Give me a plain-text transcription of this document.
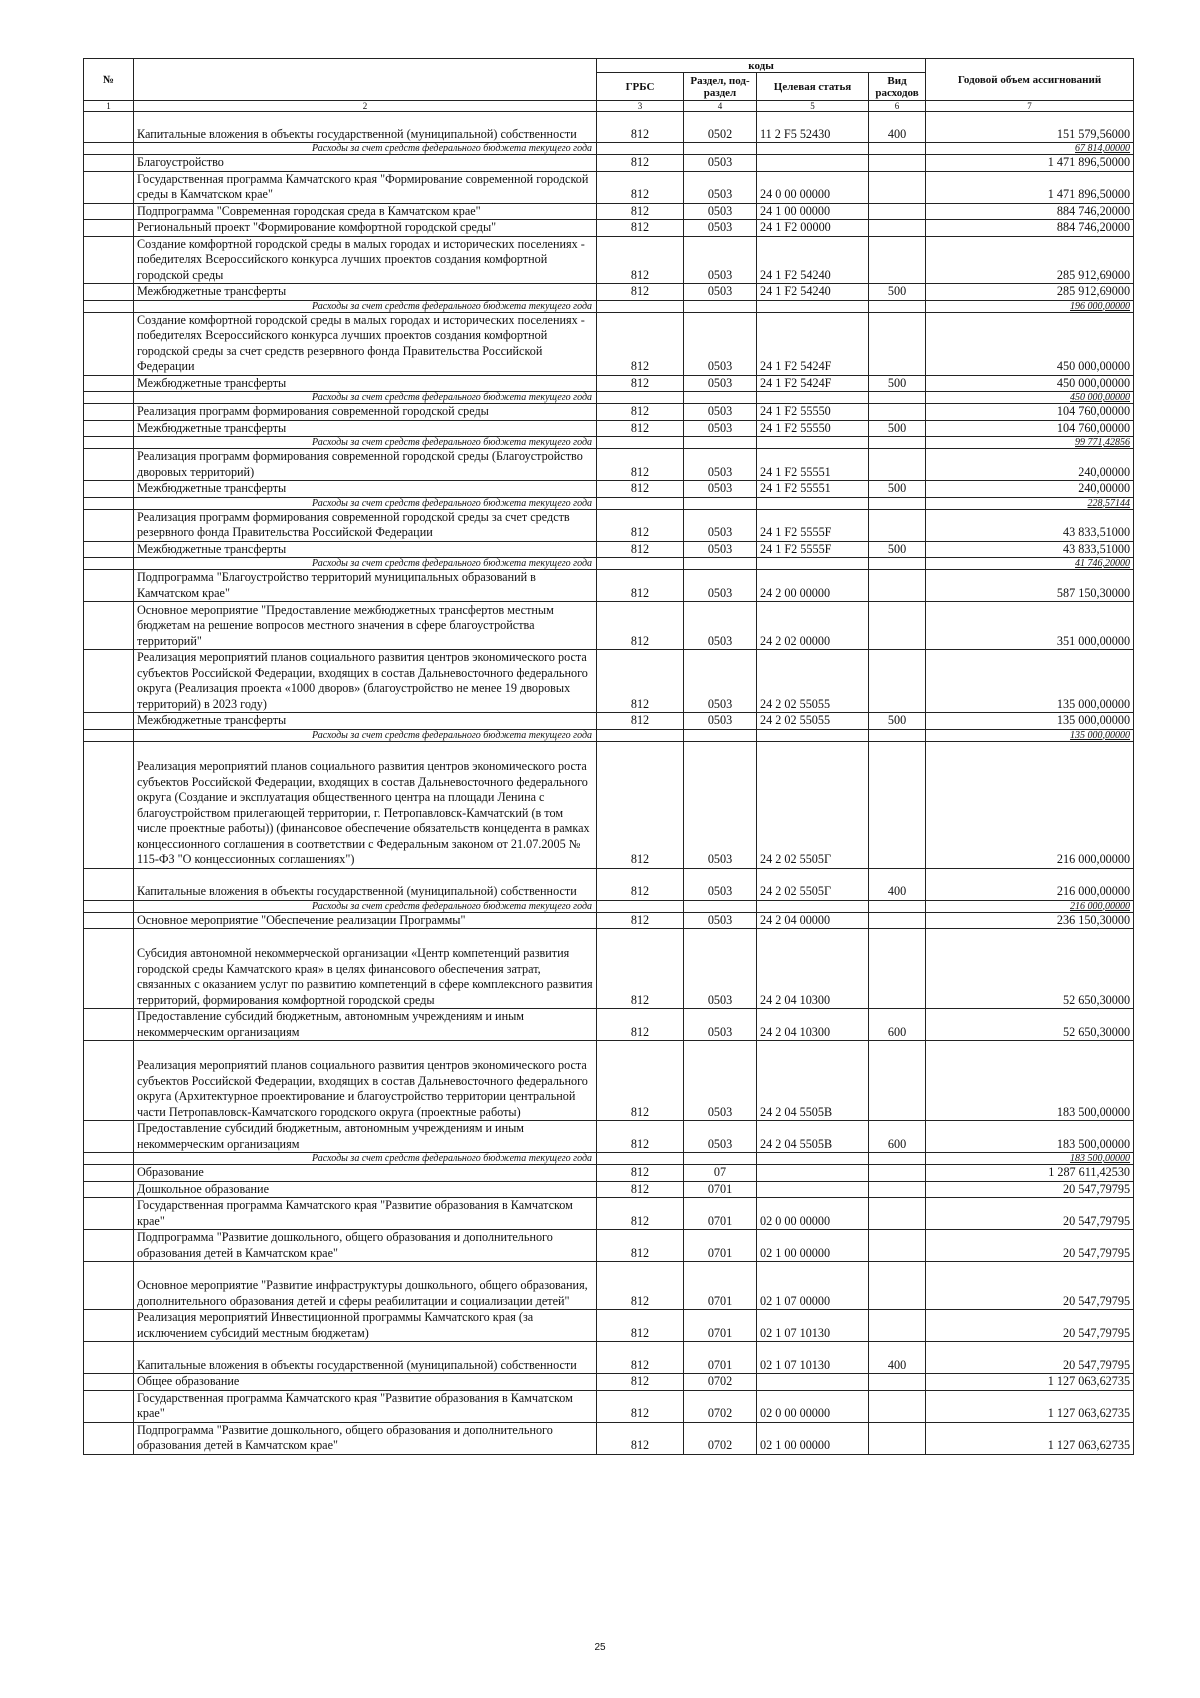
№		коды				Годовой объем ассигнований
		ГРБС	Раздел, под-раздел	Целевая статья	Вид расходов	
1	2	3	4	5	6	7
	Капитальные вложения в объекты государственной (муниципальной) собственности	812	0502	11 2 F5 52430	400	151 579,56000
	Расходы за счет средств федерального бюджета текущего года					67 814,00000
	Благоустройство	812	0503			1 471 896,50000
	Государственная программа Камчатского края "Формирование современной городской среды в Камчатском крае"	812	0503	24 0 00 00000		1 471 896,50000
	Подпрограмма "Современная городская среда в Камчатском крае"	812	0503	24 1 00 00000		884 746,20000
	Региональный проект "Формирование комфортной городской среды"	812	0503	24 1 F2 00000		884 746,20000
	Создание комфортной городской среды в малых городах и исторических поселениях - победителях Всероссийского конкурса лучших проектов создания комфортной городской среды	812	0503	24 1 F2 54240		285 912,69000
	Межбюджетные трансферты	812	0503	24 1 F2 54240	500	285 912,69000
	Расходы за счет средств федерального бюджета текущего года					196 000,00000
	Создание комфортной городской среды в малых городах и исторических поселениях - победителях Всероссийского конкурса лучших проектов создания комфортной городской среды за счет средств резервного фонда Правительства Российской Федерации	812	0503	24 1 F2 5424F		450 000,00000
	Межбюджетные трансферты	812	0503	24 1 F2 5424F	500	450 000,00000
	Расходы за счет средств федерального бюджета текущего года					450 000,00000
	Реализация программ формирования современной городской среды	812	0503	24 1 F2 55550		104 760,00000
	Межбюджетные трансферты	812	0503	24 1 F2 55550	500	104 760,00000
	Расходы за счет средств федерального бюджета текущего года					99 771,42856
	Реализация программ формирования современной городской среды (Благоустройство дворовых территорий)	812	0503	24 1 F2 55551		240,00000
	Межбюджетные трансферты	812	0503	24 1 F2 55551	500	240,00000
	Расходы за счет средств федерального бюджета текущего года					228,57144
	Реализация программ формирования современной городской среды за счет средств резервного фонда Правительства Российской Федерации	812	0503	24 1 F2 5555F		43 833,51000
	Межбюджетные трансферты	812	0503	24 1 F2 5555F	500	43 833,51000
	Расходы за счет средств федерального бюджета текущего года					41 746,20000
	Подпрограмма "Благоустройство территорий муниципальных образований в Камчатском крае"	812	0503	24 2 00 00000		587 150,30000
	Основное мероприятие "Предоставление межбюджетных трансфертов местным бюджетам на решение вопросов местного значения в сфере благоустройства территорий"	812	0503	24 2 02 00000		351 000,00000
	Реализация мероприятий планов социального развития центров экономического роста субъектов Российской Федерации, входящих в состав Дальневосточного федерального округа (Реализация проекта «1000 дворов» (благоустройство не менее 19 дворовых территорий) в 2023 году)	812	0503	24 2 02 55055		135 000,00000
	Межбюджетные трансферты	812	0503	24 2 02 55055	500	135 000,00000
	Расходы за счет средств федерального бюджета текущего года					135 000,00000
	Реализация мероприятий планов социального развития центров экономического роста субъектов Российской Федерации, входящих в состав Дальневосточного федерального округа (Создание и эксплуатация общественного центра на площади Ленина с благоустройством прилегающей территории, г. Петропавловск-Камчатский (в том числе проектные работы)) (финансовое обеспечение обязательств концедента в рамках концессионного соглашения в соответствии с Федеральным законом от 21.07.2005 № 115-ФЗ "О концессионных соглашениях")	812	0503	24 2 02 5505Г		216 000,00000
	Капитальные вложения в объекты государственной (муниципальной) собственности	812	0503	24 2 02 5505Г	400	216 000,00000
	Расходы за счет средств федерального бюджета текущего года					216 000,00000
	Основное мероприятие "Обеспечение реализации Программы"	812	0503	24 2 04 00000		236 150,30000
	Субсидия автономной некоммерческой организации «Центр компетенций развития городской среды Камчатского края» в целях финансового обеспечения затрат, связанных с оказанием услуг по развитию компетенций в сфере комплексного развития территорий, формирования комфортной городской среды	812	0503	24 2 04 10300		52 650,30000
	Предоставление субсидий бюджетным, автономным учреждениям и иным некоммерческим организациям	812	0503	24 2 04 10300	600	52 650,30000
	Реализация мероприятий планов социального развития центров экономического роста субъектов Российской Федерации, входящих в состав Дальневосточного федерального округа (Архитектурное проектирование и благоустройство территории центральной части Петропавловск-Камчатского городского округа (проектные работы)	812	0503	24 2 04 5505В		183 500,00000
	Предоставление субсидий бюджетным, автономным учреждениям и иным некоммерческим организациям	812	0503	24 2 04 5505В	600	183 500,00000
	Расходы за счет средств федерального бюджета текущего года					183 500,00000
	Образование	812	07			1 287 611,42530
	Дошкольное образование	812	0701			20 547,79795
	Государственная программа Камчатского края "Развитие образования в Камчатском крае"	812	0701	02 0 00 00000		20 547,79795
	Подпрограмма "Развитие дошкольного, общего образования и дополнительного образования детей в Камчатском крае"	812	0701	02 1 00 00000		20 547,79795
	Основное мероприятие "Развитие инфраструктуры дошкольного, общего образования, дополнительного образования детей и сферы реабилитации и социализации детей"	812	0701	02 1 07 00000		20 547,79795
	Реализация мероприятий Инвестиционной программы Камчатского края (за исключением субсидий местным бюджетам)	812	0701	02 1 07 10130		20 547,79795
	Капитальные вложения в объекты государственной (муниципальной) собственности	812	0701	02 1 07 10130	400	20 547,79795
	Общее образование	812	0702			1 127 063,62735
	Государственная программа Камчатского края "Развитие образования в Камчатском крае"	812	0702	02 0 00 00000		1 127 063,62735
	Подпрограмма "Развитие дошкольного, общего образования и дополнительного образования детей в Камчатском крае"	812	0702	02 1 00 00000		1 127 063,62735
25
